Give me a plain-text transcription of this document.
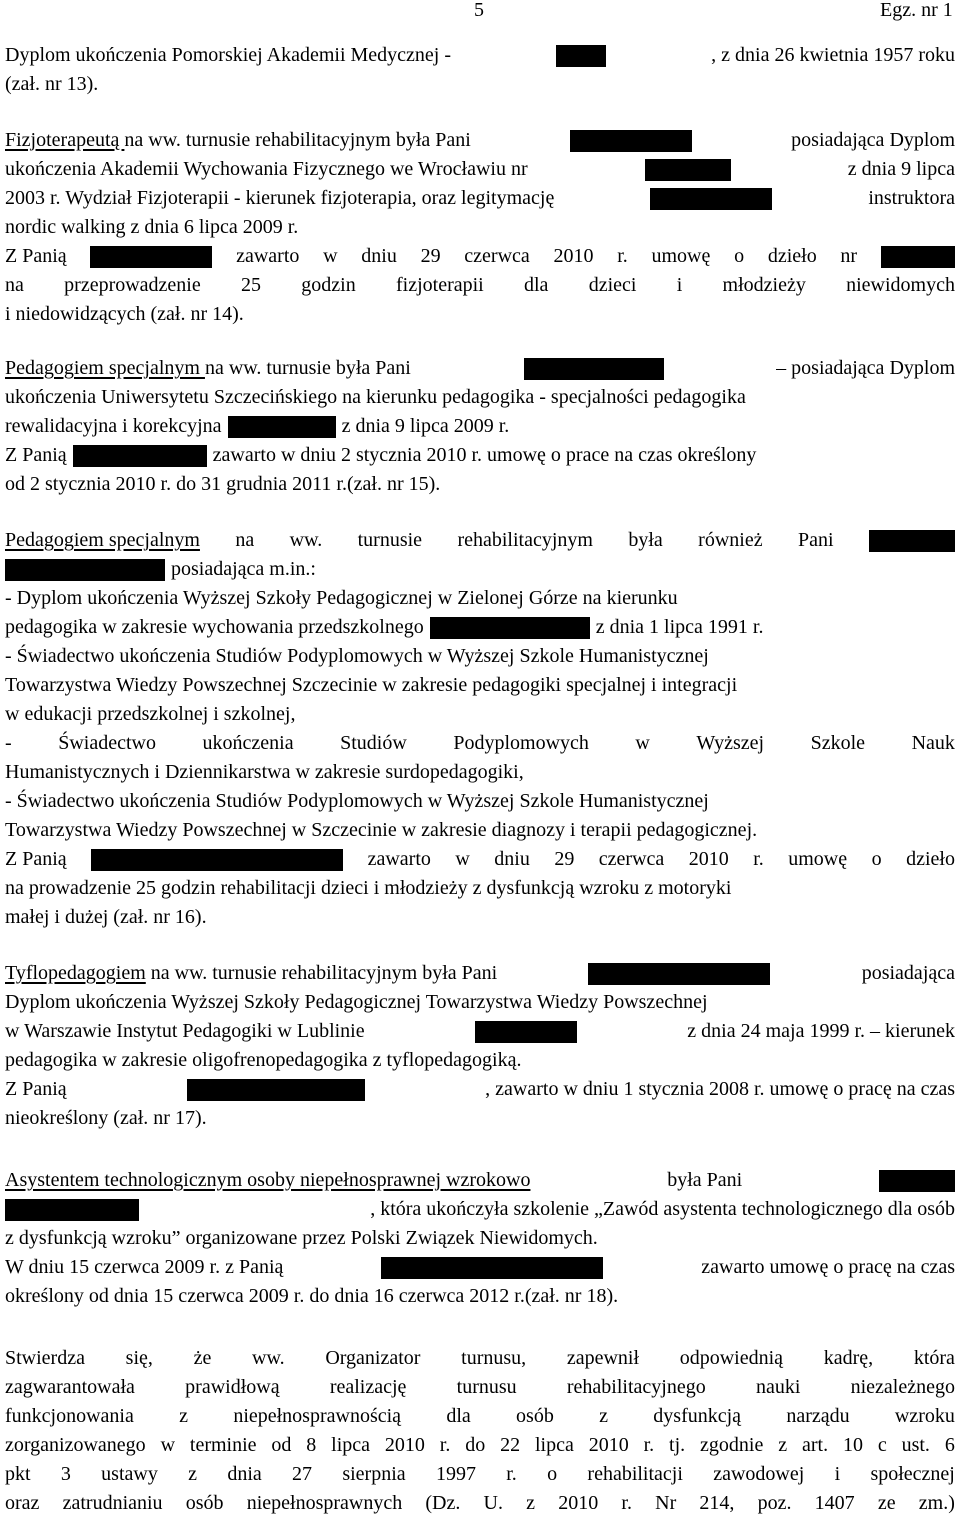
5	Egz. nr 1
Dyplom ukończenia Pomorskiej Akademii Medycznej -	, z dnia 26 kwietnia 1957 roku
(zał. nr 13).
Fizjoterapeutą na ww. turnusie rehabilitacyjnym była Pani	posiadająca Dyplom
ukończenia Akademii Wychowania Fizycznego we Wrocławiu nr	z dnia 9 lipca
2003 r. Wydział Fizjoterapii - kierunek fizjoterapia, oraz legitymację	instruktora
nordic walking z dnia 6 lipca 2009 r.
Z Panią	zawarto w dniu 29 czerwca 2010 r. umowę o dzieło nr
na przeprowadzenie 25 godzin fizjoterapii dla dzieci i młodzieży niewidomych
i niedowidzących (zał. nr 14).
Pedagogiem specjalnym na ww. turnusie była Pani	– posiadająca Dyplom
ukończenia Uniwersytetu Szczecińskiego na kierunku pedagogika - specjalności pedagogika
rewalidacyjna i korekcyjna	z dnia 9 lipca 2009 r.
Z Panią	zawarto w dniu 2 stycznia 2010 r. umowę o prace na czas określony
od 2 stycznia 2010 r. do 31 grudnia 2011 r.(zał. nr 15).
Pedagogiem specjalnym na ww. turnusie rehabilitacyjnym była również Pani
posiadająca m.in.:
- Dyplom ukończenia Wyższej Szkoły Pedagogicznej w Zielonej Górze na kierunku
pedagogika w zakresie wychowania przedszkolnego	z dnia 1 lipca 1991 r.
- Świadectwo ukończenia Studiów Podyplomowych w Wyższej Szkole Humanistycznej
Towarzystwa Wiedzy Powszechnej Szczecinie w zakresie pedagogiki specjalnej i integracji
w edukacji przedszkolnej i szkolnej,
- Świadectwo ukończenia Studiów Podyplomowych w Wyższej Szkole Nauk
Humanistycznych i Dziennikarstwa w zakresie surdopedagogiki,
- Świadectwo ukończenia Studiów Podyplomowych w Wyższej Szkole Humanistycznej
Towarzystwa Wiedzy Powszechnej w Szczecinie w zakresie diagnozy i terapii pedagogicznej.
Z Panią	zawarto w dniu 29 czerwca 2010 r. umowę o dzieło
na prowadzenie 25 godzin rehabilitacji dzieci i młodzieży z dysfunkcją wzroku z motoryki
małej i dużej (zał. nr 16).
Tyflopedagogiem na ww. turnusie rehabilitacyjnym była Pani	posiadająca
Dyplom ukończenia Wyższej Szkoły Pedagogicznej Towarzystwa Wiedzy Powszechnej
w Warszawie Instytut Pedagogiki w Lublinie	z dnia 24 maja 1999 r. – kierunek
pedagogika w zakresie oligofrenopedagogika z tyflopedagogiką.
Z Panią	, zawarto w dniu 1 stycznia 2008 r. umowę o pracę na czas
nieokreślony (zał. nr 17).
Asystentem technologicznym osoby niepełnosprawnej wzrokowo	była Pani
, która ukończyła szkolenie „Zawód asystenta technologicznego dla osób
z dysfunkcją wzroku” organizowane przez Polski Związek Niewidomych.
W dniu 15 czerwca 2009 r. z Panią	zawarto umowę o pracę na czas
określony od dnia 15 czerwca 2009 r. do dnia 16 czerwca 2012 r.(zał. nr 18).
Stwierdza się, że ww. Organizator turnusu, zapewnił odpowiednią kadrę, która
zagwarantowała	prawidłową	realizację	turnusu	rehabilitacyjnego	nauki	niezależnego
funkcjonowania z niepełnosprawnością dla osób z dysfunkcją narządu wzroku
zorganizowanego w terminie od 8 lipca 2010 r. do 22 lipca 2010 r. tj. zgodnie z art. 10 c ust. 6
pkt 3 ustawy z dnia 27 sierpnia 1997 r. o rehabilitacji zawodowej i społecznej
oraz zatrudnianiu osób niepełnosprawnych (Dz. U. z 2010 r. Nr 214, poz. 1407 ze zm.)
